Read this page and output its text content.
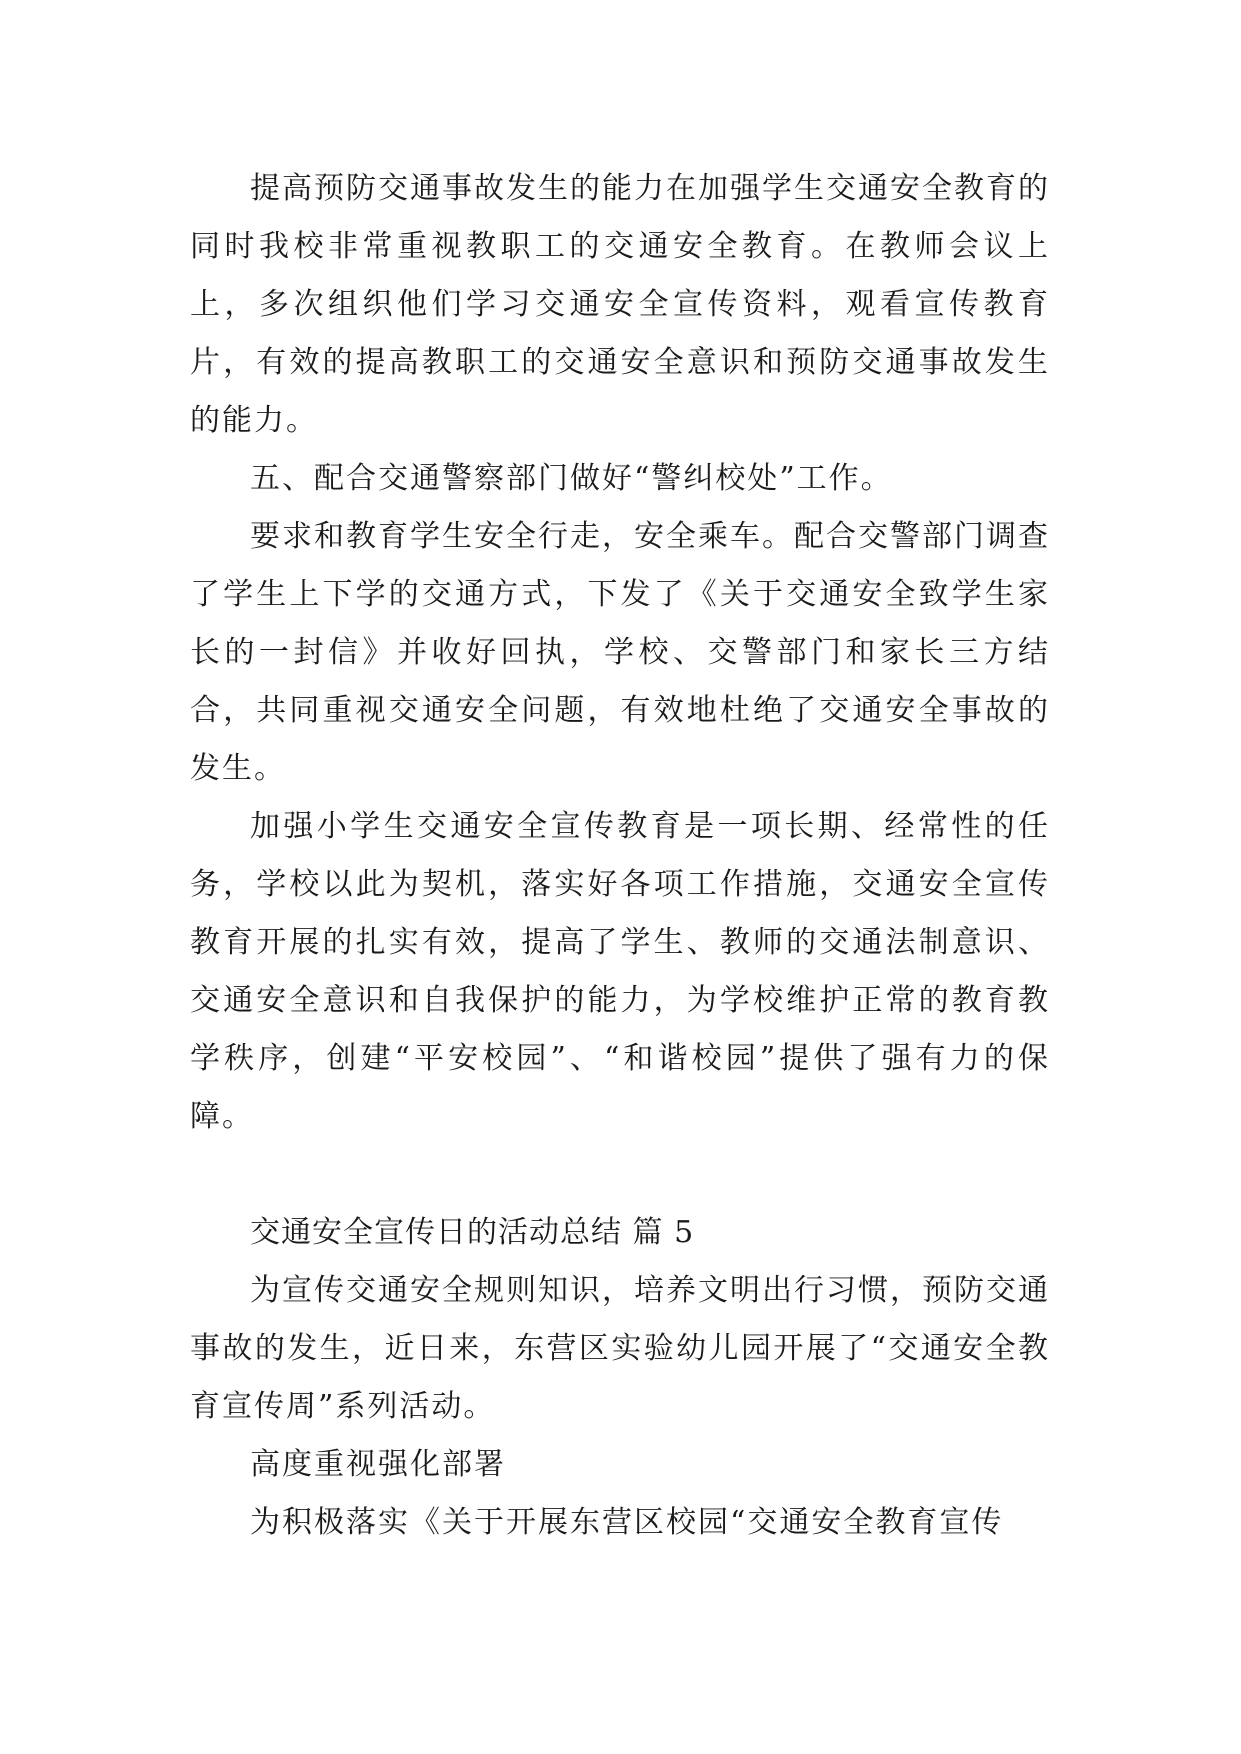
提高预防交通事故发生的能力在加强学生交通安全教育的同时我校非常重视教职工的交通安全教育。在教师会议上上，多次组织他们学习交通安全宣传资料，观看宣传教育片，有效的提高教职工的交通安全意识和预防交通事故发生的能力。

五、配合交通警察部门做好“警纠校处”工作。

要求和教育学生安全行走，安全乘车。配合交警部门调查了学生上下学的交通方式，下发了《关于交通安全致学生家长的一封信》并收好回执，学校、交警部门和家长三方结合，共同重视交通安全问题，有效地杜绝了交通安全事故的发生。

加强小学生交通安全宣传教育是一项长期、经常性的任务，学校以此为契机，落实好各项工作措施，交通安全宣传教育开展的扎实有效，提高了学生、教师的交通法制意识、交通安全意识和自我保护的能力，为学校维护正常的教育教学秩序，创建“平安校园”、“和谐校园”提供了强有力的保障。

交通安全宣传日的活动总结 篇 5

为宣传交通安全规则知识，培养文明出行习惯，预防交通事故的发生，近日来，东营区实验幼儿园开展了“交通安全教育宣传周”系列活动。

高度重视强化部署

为积极落实《关于开展东营区校园“交通安全教育宣传
